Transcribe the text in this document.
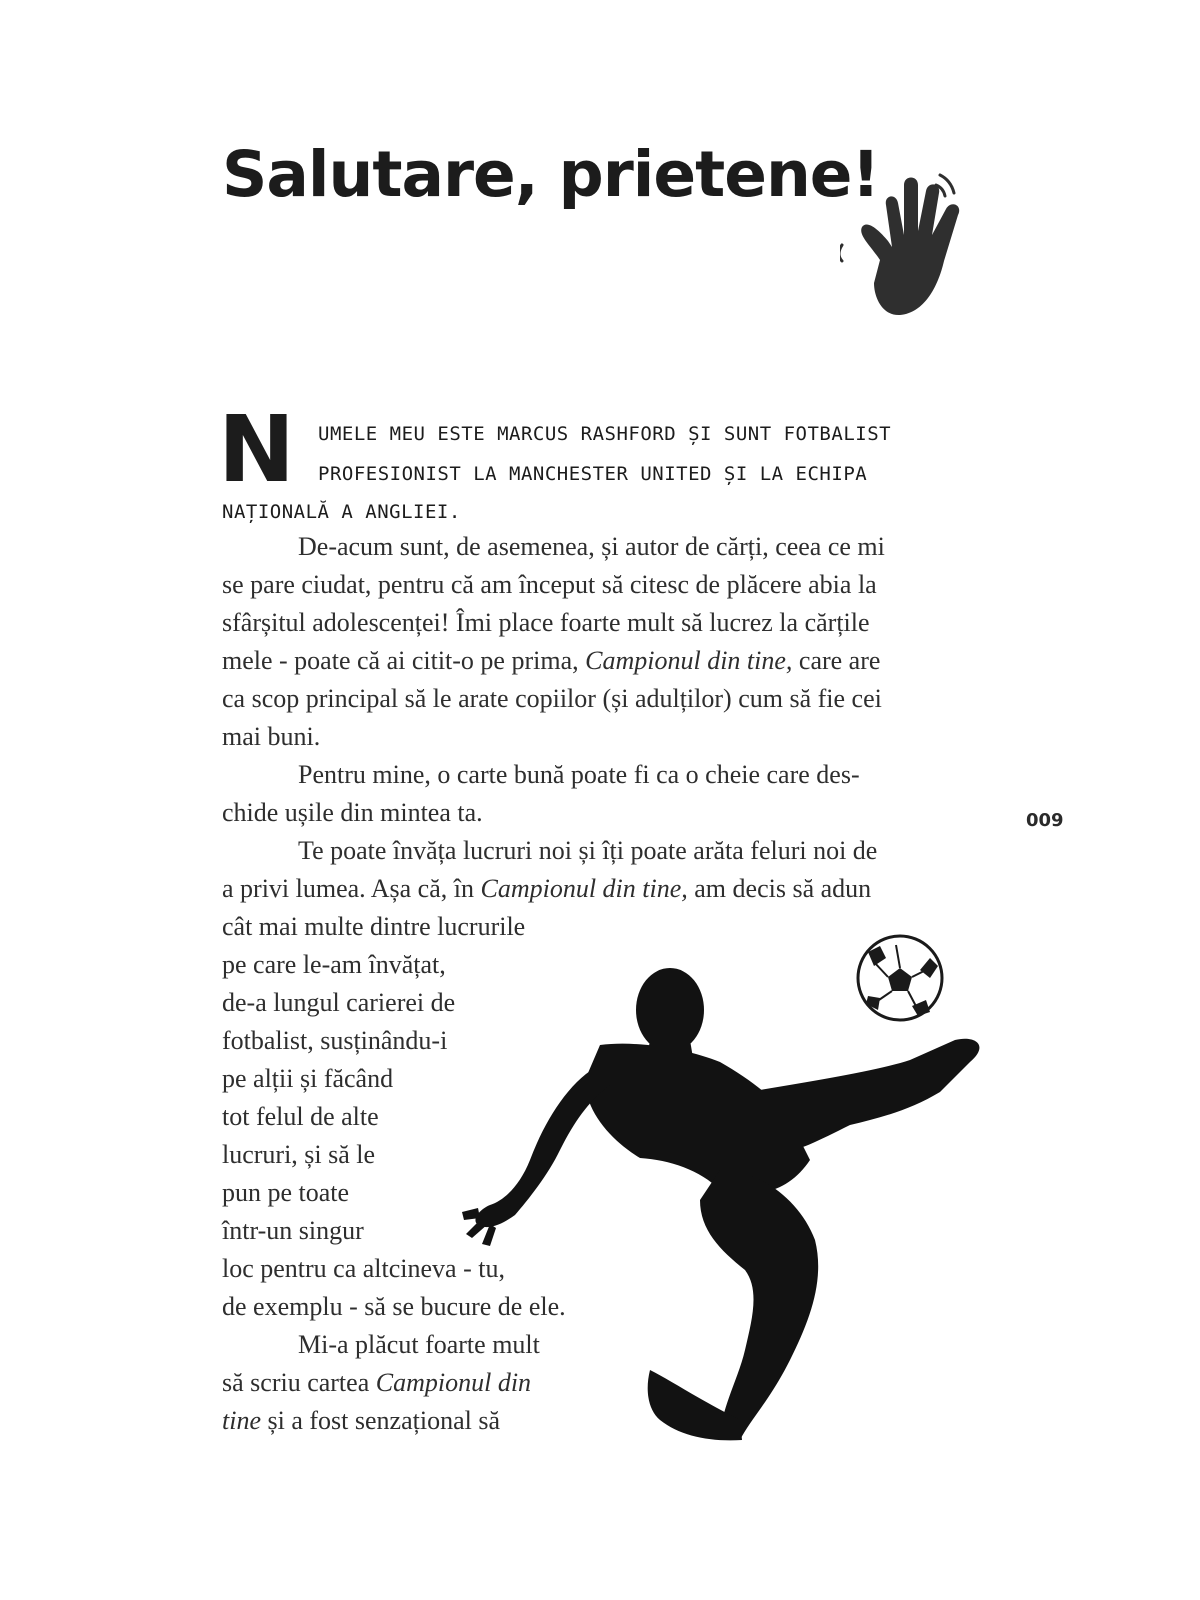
Salutare, prietene!
N UMELE MEU ESTE MARCUS RASHFORD ȘI SUNT FOTBALIST
PROFESIONIST LA MANCHESTER UNITED ȘI LA ECHIPA
NAȚIONALĂ A ANGLIEI.
De-acum sunt, de asemenea, și autor de cărți, ceea ce mi
se pare ciudat, pentru că am început să citesc de plăcere abia la
sfârșitul adolescenței! Îmi place foarte mult să lucrez la cărțile
mele - poate că ai citit-o pe prima, Campionul din tine, care are
ca scop principal să le arate copiilor (și adulților) cum să fie cei
mai buni.
Pentru mine, o carte bună poate fi ca o cheie care des-
chide ușile din mintea ta.
Te poate învăța lucruri noi și îți poate arăta feluri noi de
a privi lumea. Așa că, în Campionul din tine, am decis să adun
cât mai multe dintre lucrurile
pe care le-am învățat,
de-a lungul carierei de
fotbalist, susținându-i
pe alții și făcând
tot felul de alte
lucruri, și să le
pun pe toate
într-un singur
loc pentru ca altcineva - tu,
de exemplu - să se bucure de ele.
Mi-a plăcut foarte mult
să scriu cartea Campionul din
tine și a fost senzațional să
009
